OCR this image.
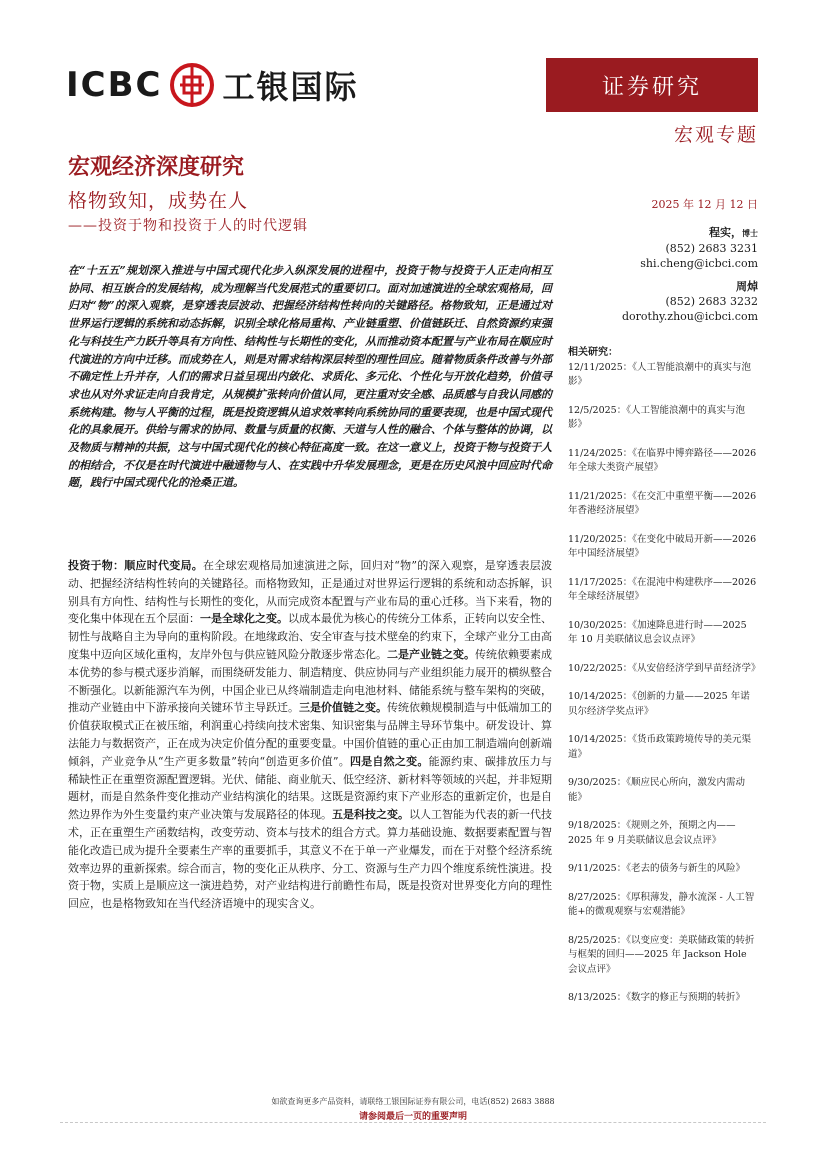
ICBC 工银国际	证券研究
宏观专题
宏观经济深度研究
格物致知，成势在人
——投资于物和投资于人的时代逻辑
2025 年 12 月 12 日
程实，博士
(852) 2683 3231
shi.cheng@icbci.com
周焯
(852) 2683 3232
dorothy.zhou@icbci.com
相关研究：
12/11/2025：《人工智能浪潮中的真实与泡影》
12/5/2025：《人工智能浪潮中的真实与泡影》
11/24/2025：《在临界中博弈路径——2026 年全球大类资产展望》
11/21/2025：《在交汇中重塑平衡——2026 年香港经济展望》
11/20/2025：《在变化中破局开新——2026 年中国经济展望》
11/17/2025：《在混沌中构建秩序——2026 年全球经济展望》
10/30/2025：《加速降息进行时——2025 年 10 月美联储议息会议点评》
10/22/2025：《从安倍经济学到早苗经济学》
10/14/2025：《创新的力量——2025 年诺贝尔经济学奖点评》
10/14/2025：《货币政策跨境传导的美元渠道》
9/30/2025：《顺应民心所向，激发内需动能》
9/18/2025：《规则之外，预期之内——2025 年 9 月美联储议息会议点评》
9/11/2025：《老去的债务与新生的风险》
8/27/2025：《厚积薄发，静水流深 - 人工智能+的微观观察与宏观潜能》
8/25/2025：《以变应变：美联储政策的转折与框架的回归——2025 年 Jackson Hole 会议点评》
8/13/2025：《数字的修正与预期的转折》
在“十五五”规划深入推进与中国式现代化步入纵深发展的进程中，投资于物与投资于人正走向相互协同、相互嵌合的发展结构，成为理解当代发展范式的重要切口。面对加速演进的全球宏观格局，回归对“物”的深入观察，是穿透表层波动、把握经济结构性转向的关键路径。格物致知，正是通过对世界运行逻辑的系统和动态拆解，识别全球化格局重构、产业链重塑、价值链跃迁、自然资源约束强化与科技生产力跃升等具有方向性、结构性与长期性的变化，从而推动资本配置与产业布局在顺应时代演进的方向中迁移。而成势在人，则是对需求结构深层转型的理性回应。随着物质条件改善与外部不确定性上升并存，人们的需求日益呈现出内敛化、求质化、多元化、个性化与开放化趋势，价值寻求也从对外求证走向自我肯定，从规模扩张转向价值认同，更注重对安全感、品质感与自我认同感的系统构建。物与人平衡的过程，既是投资逻辑从追求效率转向系统协同的重要表现，也是中国式现代化的具象展开。供给与需求的协同、数量与质量的权衡、天道与人性的融合、个体与整体的协调，以及物质与精神的共振，这与中国式现代化的核心特征高度一致。在这一意义上，投资于物与投资于人的相结合，不仅是在时代演进中融通物与人、在实践中升华发展理念，更是在历史风浪中回应时代命题，践行中国式现代化的沧桑正道。
投资于物：顺应时代变局。在全球宏观格局加速演进之际，回归对“物”的深入观察，是穿透表层波动、把握经济结构性转向的关键路径。而格物致知，正是通过对世界运行逻辑的系统和动态拆解，识别具有方向性、结构性与长期性的变化，从而完成资本配置与产业布局的重心迁移。当下来看，物的变化集中体现在五个层面：一是全球化之变。以成本最优为核心的传统分工体系，正转向以安全性、韧性与战略自主为导向的重构阶段。在地缘政治、安全审查与技术壁垒的约束下，全球产业分工由高度集中迈向区域化重构，友岸外包与供应链风险分散逐步常态化。二是产业链之变。传统依赖要素成本优势的参与模式逐步消解，而围绕研发能力、制造精度、供应协同与产业组织能力展开的横纵整合不断强化。以新能源汽车为例，中国企业已从终端制造走向电池材料、储能系统与整车架构的突破，推动产业链由中下游承接向关键环节主导跃迁。三是价值链之变。传统依赖规模制造与中低端加工的价值获取模式正在被压缩，利润重心持续向技术密集、知识密集与品牌主导环节集中。研发设计、算法能力与数据资产，正在成为决定价值分配的重要变量。中国价值链的重心正由加工制造端向创新端倾斜，产业竞争从“生产更多数量”转向“创造更多价值”。四是自然之变。能源约束、碳排放压力与稀缺性正在重塑资源配置逻辑。光伏、储能、商业航天、低空经济、新材料等领域的兴起，并非短期题材，而是自然条件变化推动产业结构演化的结果。这既是资源约束下产业形态的重新定价，也是自然边界作为外生变量约束产业决策与发展路径的体现。五是科技之变。以人工智能为代表的新一代技术，正在重塑生产函数结构，改变劳动、资本与技术的组合方式。算力基础设施、数据要素配置与智能化改造已成为提升全要素生产率的重要抓手，其意义不在于单一产业爆发，而在于对整个经济系统效率边界的重新探索。综合而言，物的变化正从秩序、分工、资源与生产力四个维度系统性演进。投资于物，实质上是顺应这一演进趋势，对产业结构进行前瞻性布局，既是投资对世界变化方向的理性回应，也是格物致知在当代经济语境中的现实含义。
如欲查询更多产品资料，请联络工银国际证券有限公司，电话(852) 2683 3888
请参阅最后一页的重要声明
